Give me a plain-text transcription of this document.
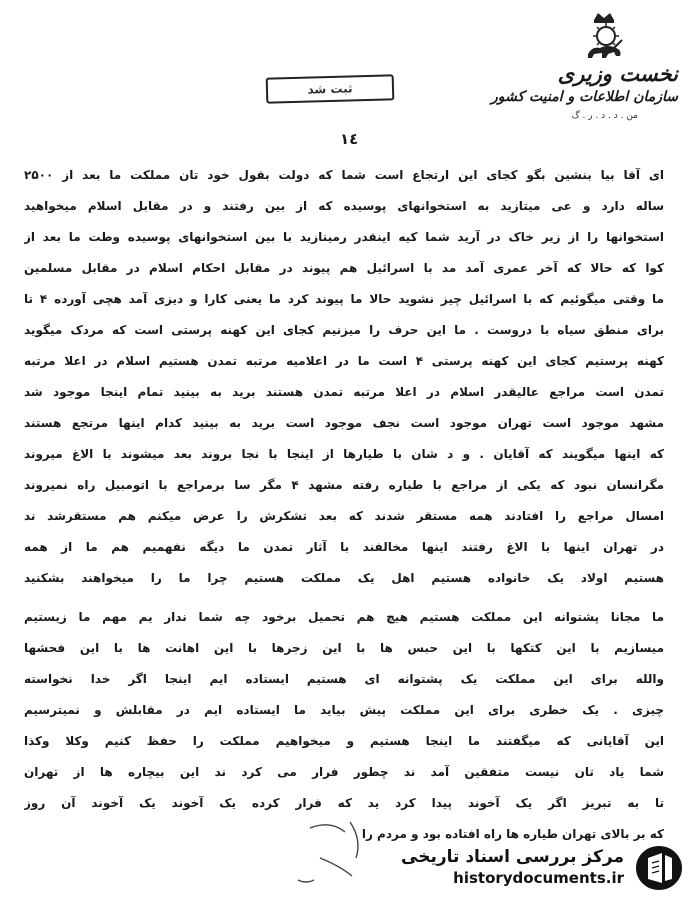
نخست وزیری
سازمان اطلاعات و امنیت کشور
من . د . د . ر . گ
ثبت شد
١٤
ای آقا بیا بنشین بگو کجای این ارتجاع است شما که دولت بقول خود تان مملکت ما بعد از ۲۵۰۰
ساله دارد و عی میتازید به استخوانهای پوسیده که از بین رفتند و در مقابل اسلام میخواهید
استخوانها را از زیر خاک در آرید شما کیه اینقدر رمینازید با بین استخوانهای پوسیده وطت ما بعد از
کوا که حالا که آخر عمری آمد مد با اسرائیل هم پیوند در مقابل احکام اسلام در مقابل مسلمین
ما وقتی میگوئیم که با اسرائیل چیز نشوید حالا ما پیوند کرد ما یعنی کارا و دیزی آمد هچی آورده ۴ تا
برای منطق سیاه با دروست . ما این حرف را میزنیم کجای این کهنه پرستی است که مردک میگوید
کهنه پرستیم کجای این کهنه پرستی ۴ است ما در اعلامیه مرتبه تمدن هستیم اسلام در اعلا مرتبه
تمدن است مراجع عالیقدر اسلام در اعلا مرتبه تمدن هستند برید به بینید تمام اینجا موجود شد
مشهد موجود است تهران موجود است نجف موجود است برید به بینید کدام اینها مرتجع هستند
که اینها میگویند که آقایان . و د شان با طیارها از اینجا با نجا بروند بعد میشوند با الاغ میروند
مگرانسان نبود که یکی از مراجع با طیاره رفته مشهد ۴ مگر سا برمراجع با اتومبیل راه نمیروند
امسال مراجع را افتادند همه مستقر شدند که بعد تشکرش را عرض میکنم هم مستقرشد ند
در تهران اینها با الاغ رفتند اینها مخالفند با آثار تمدن ما دیگه نفهمیم هم ما از همه
هستیم اولاد یک خانواده هستیم اهل یک مملکت هستیم چرا ما را میخواهند بشکنید
ما مجانا پشتوانه این مملکت هستیم هیچ هم تحمیل برخود چه شما ندار یم مهم ما زیستیم
میسازیم با این کتکها با این حبس ها با این زجرها با این اهانت ها با این فحشها
والله برای این مملکت یک پشتوانه ای هستیم ایستاده ایم اینجا اگر خدا نخواسته
چیزی . یک خطری برای این مملکت پیش بیاید ما ایستاده ایم در مقابلش و نمیترسیم
این آقایانی که میگفتند ما اینجا هستیم و میخواهیم مملکت را حفظ کنیم وکلا وکذا
شما یاد تان نیست متفقین آمد ند چطور فرار می کرد ند این بیچاره ها از تهران
تا به تبریز اگر یک آخوند پیدا کرد ید که فرار کرده یک آخوند یک آخوند آن روز
که بر بالای تهران طیاره ها راه افتاده بود و مردم را
مرکز بررسی اسناد تاریخی
historydocuments.ir
